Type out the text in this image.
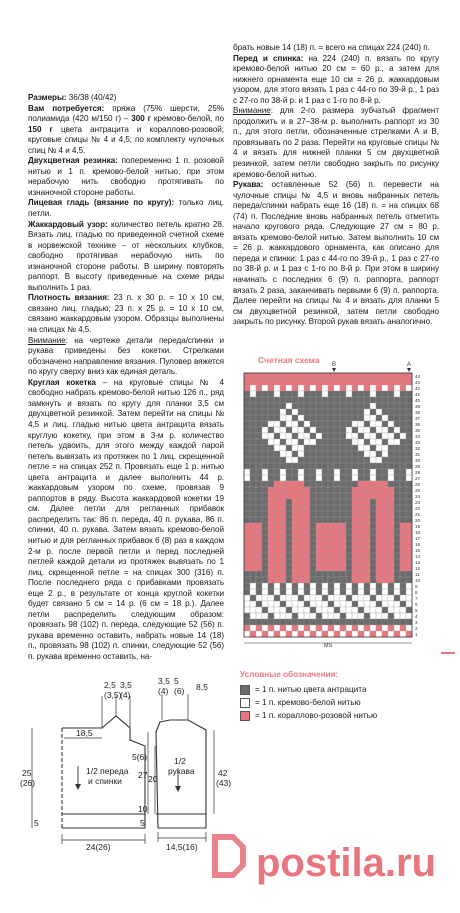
Размеры: 36/38 (40/42)

Вам потребуется: пряжа (75% шерсти, 25% полиамида (420 м/150 г) – 300 г кремово-белой, по 150 г цвета антрацита и кораллово-розовой; круговые спицы № 4 и 4,5; по комплекту чулочных спиц № 4 и 4,5.

Двухцветная резинка: попеременно 1 п. розовой нитью и 1 п. кремово-белой нитью, при этом нерабочую нить свободно протягивать по изнаночной стороне работы.

Лицевая гладь (вязание по кругу): только лиц. петли.

Жаккардовый узор: количество петель кратно 28. Вязать лиц. гладью по приведенной счетной схеме в норвежской технике – от нескольких клубков, свободно протягивая нерабочую нить по изнаночной стороне работы. В ширину повторять раппорт. В высоту приведенные на схеме ряды выполнить 1 раз.

Плотность вязания: 23 п. х 30 р. = 10 х 10 см, связано лиц. гладью; 23 п. х 25 р. = 10 х 10 см, связано жаккардовым узором. Образцы выполнены на спицах № 4,5.

Внимание: на чертеже детали переда/спинки и рукава приведены без кокетки. Стрелками обозначено направление вязания. Пуловер вяжется по кругу сверху вниз как единая деталь.

Круглая кокетка – на круговые спицы № 4 свободно набрать кремово-белой нитью 126 п., ряд замкнуть и вязать по кругу для планки 3,5 см двухцветной резинкой. Затем перейти на спицы № 4,5 и лиц. гладью нитью цвета антрацита вязать круглую кокетку, при этом в 3-м р. количество петель удвоить, для этого между каждой парой петель вывязать из протяжек по 1 лиц. скрещенной петле = на спицах 252 п. Провязать еще 1 р. нитью цвета антрацита и далее выполнить 44 р. жаккардовым узором по схеме, провязав 9 раппортов в ряду. Высота жаккардовой кокетки 19 см. Далее петли для регланных прибавок распределить так: 86 п. переда, 40 п. рукава, 86 п. спинки, 40 п. рукава. Затем вязать кремово-белой нитью и для регланных прибавок 6 (8) раз в каждом 2-м р. после первой петли и перед последней петлей каждой детали из протяжек вывязать по 1 лиц. скрещенной петле = на спицах 300 (316) п. После последнего ряда с прибавками провязать еще 2 р., в результате от конца круглой кокетки будет связано 5 см = 14 р. (6 см = 18 р.). Далее петли распределить следующим образом: провязать 98 (102) п. переда, следующие 52 (56) п. рукава временно оставить, набрать новые 14 (18) п., провязать 98 (102) п. спинки, следующие 52 (56) п. рукава временно оставить, на-

брать новые 14 (18) п. = всего на спицах 224 (240) п.

Перед и спинка: на 224 (240) п. вязать по кругу кремово-белой нитью 20 см = 60 р., а затем для нижнего орнамента еще 10 см = 26 р. жаккардовым узором, для этого вязать 1 раз с 44-го по 39-й р., 1 раз с 27-го по 38-й р. и 1 раз с 1-го по 8-й р.

Внимание: для 2-го размера зубчатый фрагмент продолжить и в 27–38-м р. выполнить раппорт из 30 п., для этого петли, обозначенные стрелками А и В, провязывать по 2 раза. Перейти на круговые спицы № 4 и вязать для нижней планки 5 см двухцветной резинкой, затем петли свободно закрыть по рисунку кремово-белой нитью.

Рукава: оставленные 52 (56) п. перевести на чулочные спицы № 4,5 и вновь набранных петель переда/спинки набрать еще 16 (18) п. = на спицах 68 (74) п. Последние вновь набранных петель отметить начало кругового ряда. Следующие 27 см = 80 р. вязать кремово-белой нитью. Затем выполнить 10 см = 26 р. жаккардового орнамента, как описано для переда и спинки: 1 раз с 44-го по 39-й р., 1 раз с 27-го по 38-й р. и 1 раз с 1-го по 8-й р. При этом в ширину начинать с последних 6 (9) п. раппорта, раппорт вязать 2 раза, заканчивать первыми 6 (9) п. раппорта. Далее перейти на спицы № 4 и вязать для планки 5 см двухцветной резинкой, затем петли свободно закрыть по рисунку. Второй рукав вязать аналогично.

2,5 3,5
(3,5)
(4)
18,5
5(6)
25
(26)	20
1/2 переда
и спинки
5
24(26)
3,5
(4)
5
(6) 8,5
27	42
(43)
1/2
рукава
10
5
14,5(16)
Счетная схема
44
43
42
41
40
39
38
37
36
35
34
33
32
31
30
29
28
27
26
25
24
23
22
21
20
19
18
17
16
15
14
13
12
11
10
9
8
7
6
5
4
3
2
1
B	A
MS
Условные обозначения:
= 1 п. нитью цвета антрацита
= 1 п. кремово-белой нитью
= 1 п. кораллово-розовой нитью
postila.ru
